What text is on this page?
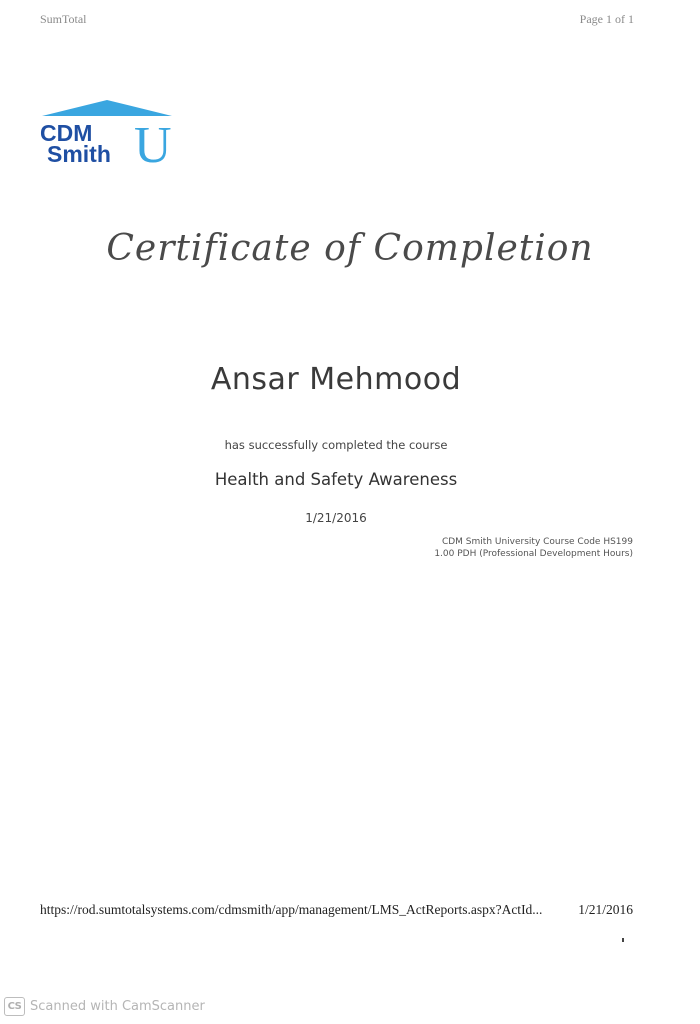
SumTotal	Page 1 of 1
CDM
Smith U
Certificate of Completion
Ansar Mehmood
has successfully completed the course
Health and Safety Awareness
1/21/2016
CDM Smith University Course Code HS199
1.00 PDH (Professional Development Hours)
https://rod.sumtotalsystems.com/cdmsmith/app/management/LMS_ActReports.aspx?ActId...	1/21/2016
CS Scanned with CamScanner
